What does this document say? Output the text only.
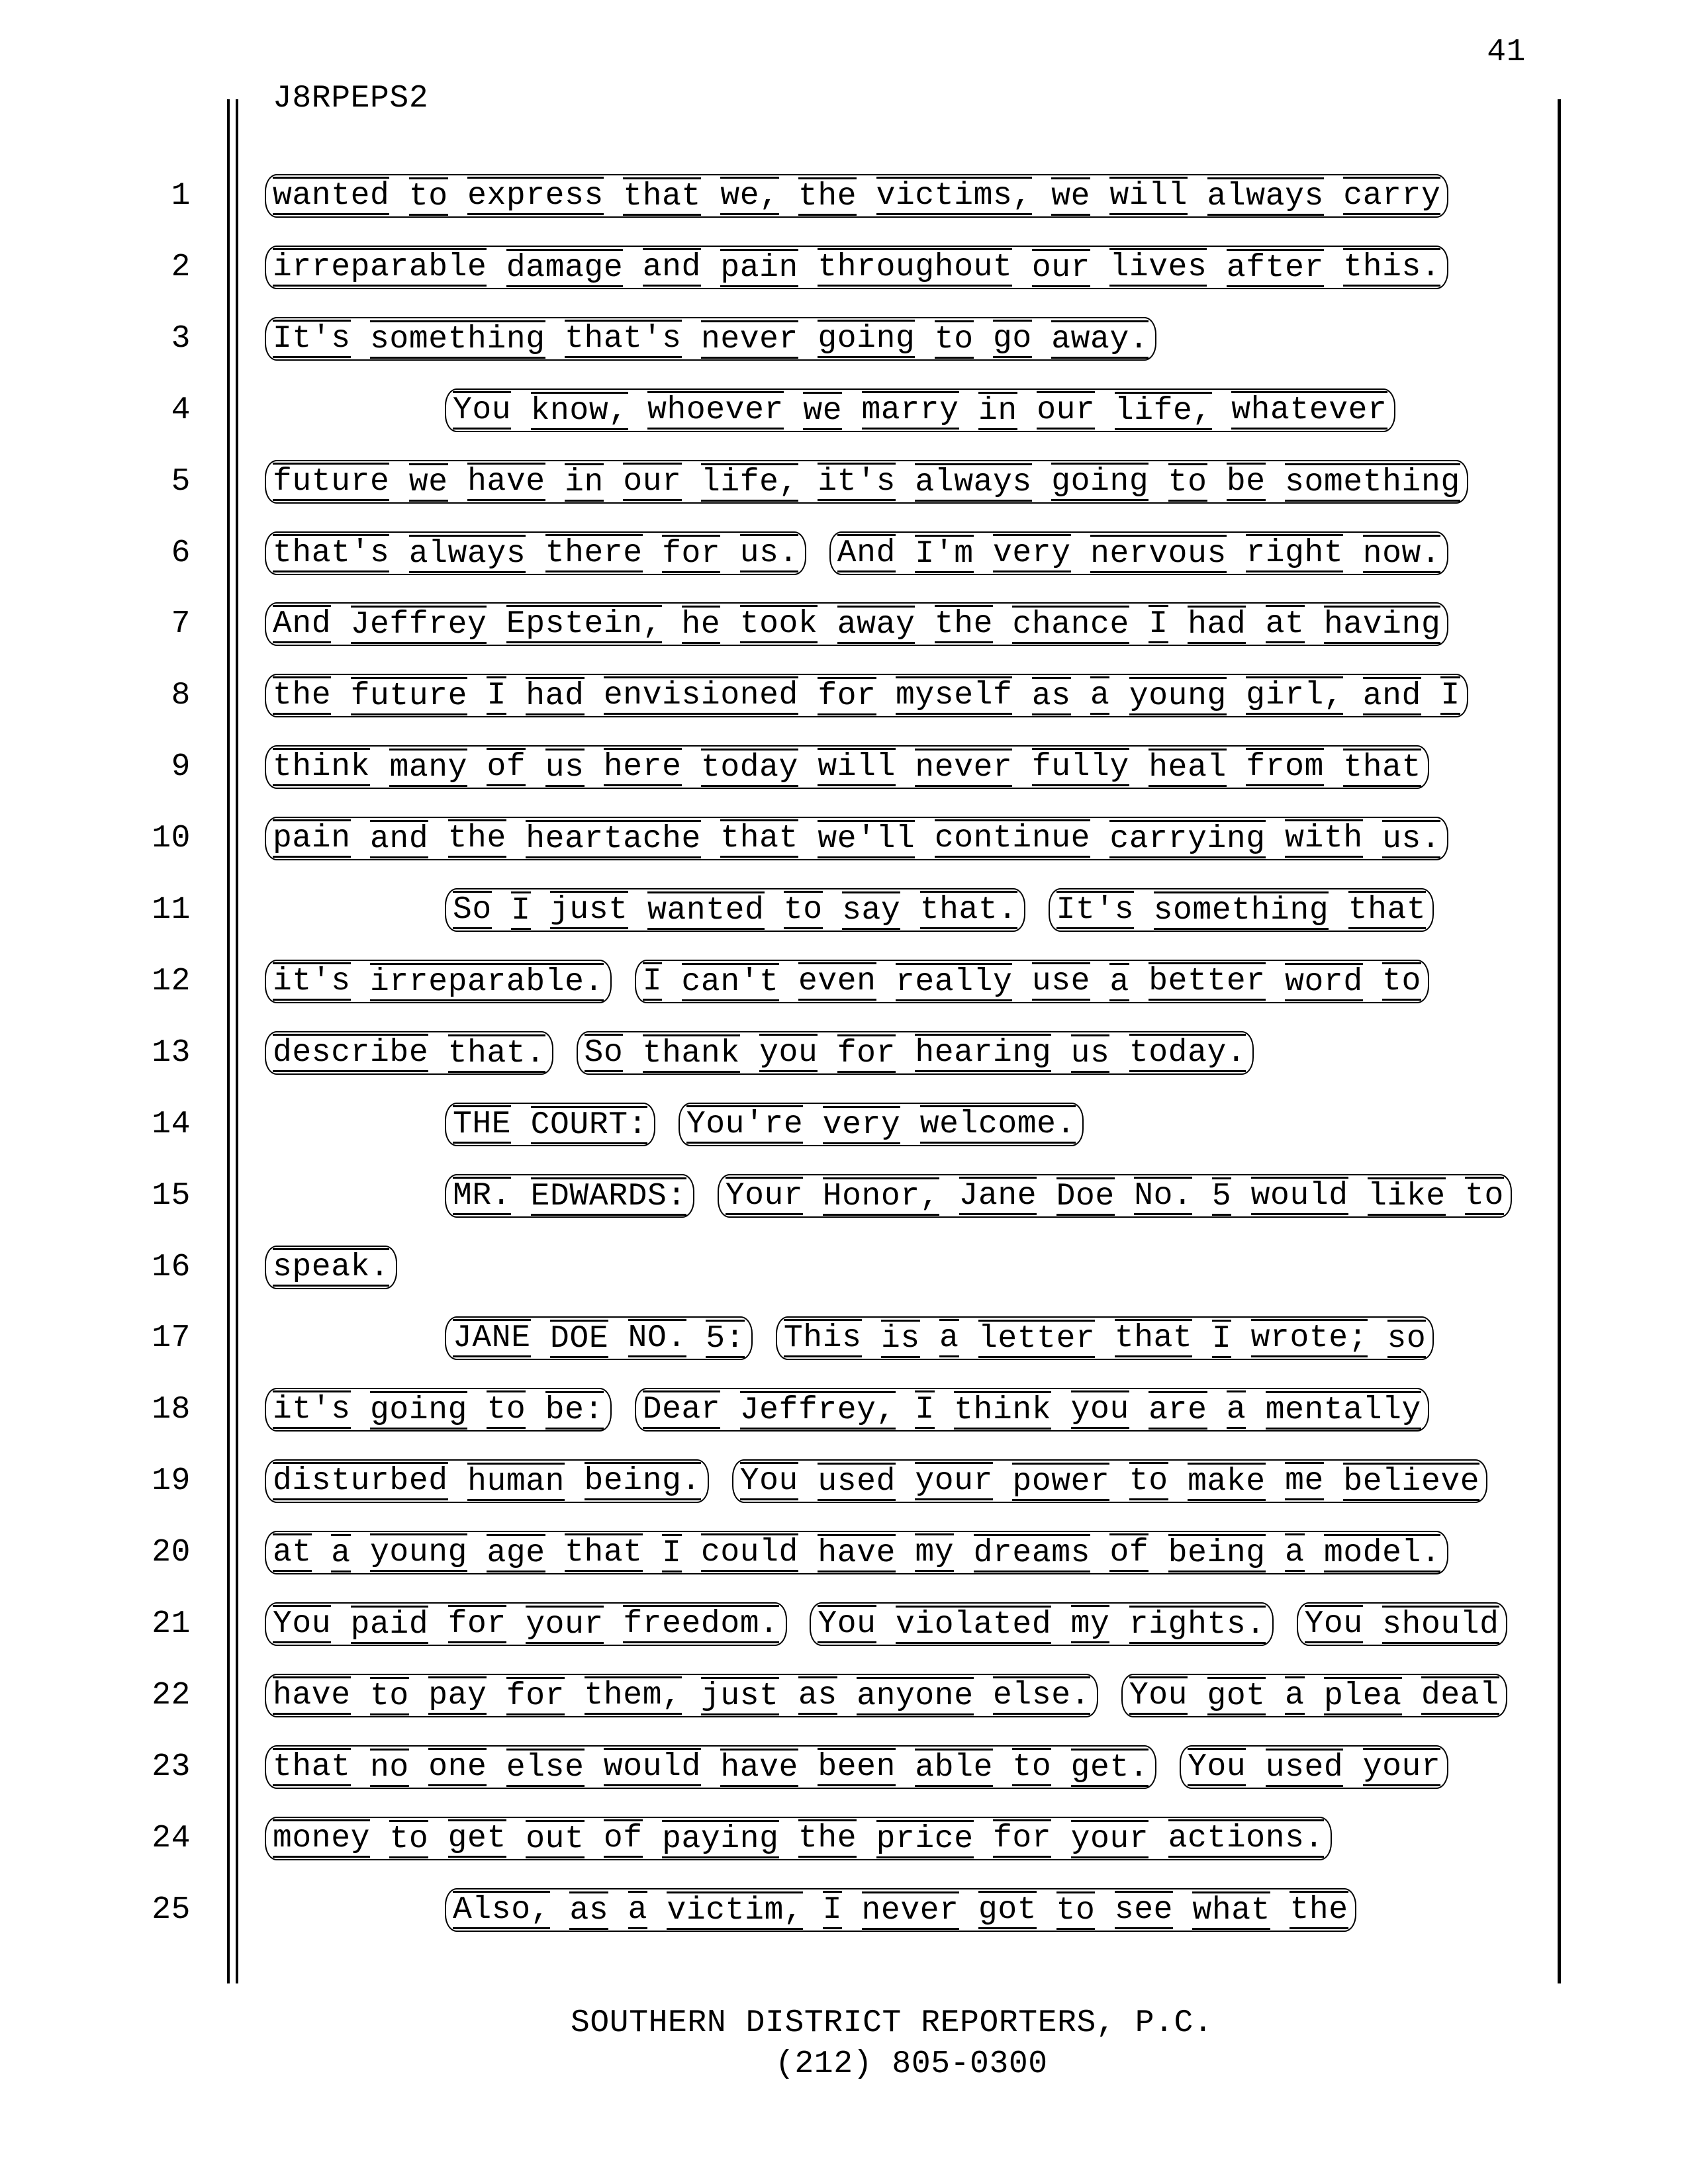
41
J8RPEPS2
1	wanted to express that we, the victims, we will always carry
2	irreparable damage and pain throughout our lives after this.
3	It's something that's never going to go away.
4	You know, whoever we marry in our life, whatever
5	future we have in our life, it's always going to be something
6	that's always there for us. And I'm very nervous right now.
7	And Jeffrey Epstein, he took away the chance I had at having
8	the future I had envisioned for myself as a young girl, and I
9	think many of us here today will never fully heal from that
10	pain and the heartache that we'll continue carrying with us.
11	So I just wanted to say that. It's something that
12	it's irreparable. I can't even really use a better word to
13	describe that. So thank you for hearing us today.
14	THE COURT: You're very welcome.
15	MR. EDWARDS: Your Honor, Jane Doe No. 5 would like to
16	speak.
17	JANE DOE NO. 5: This is a letter that I wrote; so
18	it's going to be: Dear Jeffrey, I think you are a mentally
19	disturbed human being. You used your power to make me believe
20	at a young age that I could have my dreams of being a model.
21	You paid for your freedom. You violated my rights. You should
22	have to pay for them, just as anyone else. You got a plea deal
23	that no one else would have been able to get. You used your
24	money to get out of paying the price for your actions.
25	Also, as a victim, I never got to see what the
SOUTHERN DISTRICT REPORTERS, P.C.
(212) 805-0300
